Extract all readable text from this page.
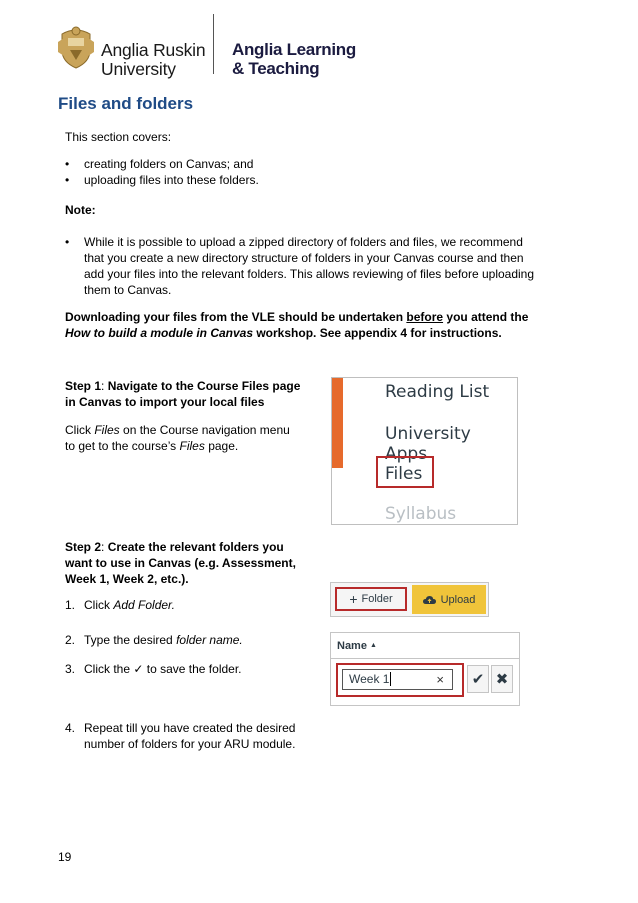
Anglia Ruskin
University
Anglia Learning
& Teaching
Files and folders
This section covers:
• creating folders on Canvas; and
• uploading files into these folders.
Note:
• While it is possible to upload a zipped directory of folders and files, we recommend
that you create a new directory structure of folders in your Canvas course and then
add your files into the relevant folders. This allows reviewing of files before uploading
them to Canvas.
Downloading your files from the VLE should be undertaken before you attend the
How to build a module in Canvas workshop. See appendix 4 for instructions.
Step 1: Navigate to the Course Files page
in Canvas to import your local files
Click Files on the Course navigation menu
to get to the course’s Files page.
Reading List
University Apps
Files
Syllabus
Step 2: Create the relevant folders you
want to use in Canvas (e.g. Assessment,
Week 1, Week 2, etc.).
1. Click Add Folder.
2. Type the desired folder name.
3. Click the ✓ to save the folder.
4. Repeat till you have created the desired
number of folders for your ARU module.
+ Folder	Upload
Name ▲
Week 1	× ✔ ✖
19
